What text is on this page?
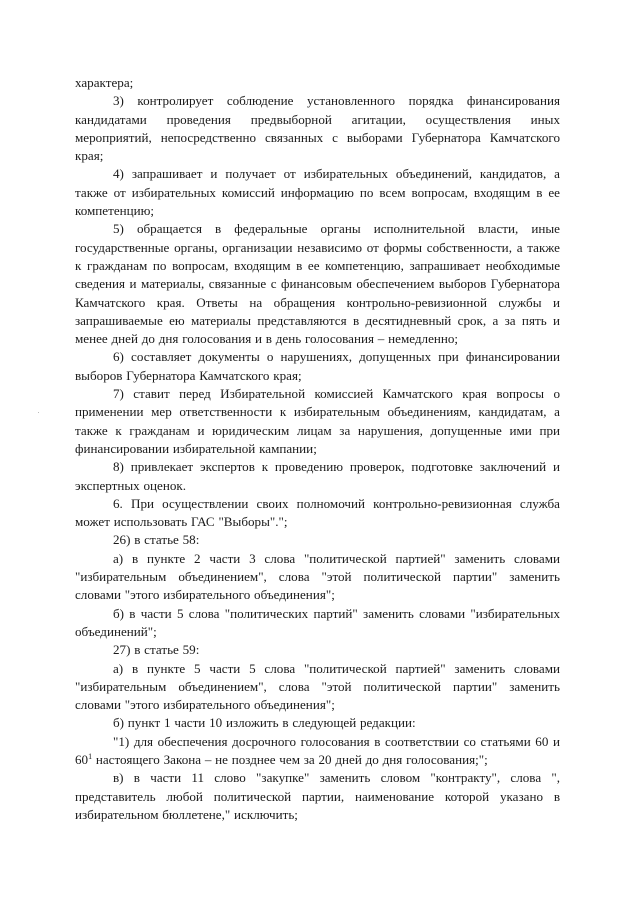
характера;

3) контролирует соблюдение установленного порядка финансирования кандидатами проведения предвыборной агитации, осуществления иных мероприятий, непосредственно связанных с выборами Губернатора Камчатского края;

4) запрашивает и получает от избирательных объединений, кандидатов, а также от избирательных комиссий информацию по всем вопросам, входящим в ее компетенцию;

5) обращается в федеральные органы исполнительной власти, иные государственные органы, организации независимо от формы собственности, а также к гражданам по вопросам, входящим в ее компетенцию, запрашивает необходимые сведения и материалы, связанные с финансовым обеспечением выборов Губернатора Камчатского края. Ответы на обращения контрольно-ревизионной службы и запрашиваемые ею материалы представляются в десятидневный срок, а за пять и менее дней до дня голосования и в день голосования – немедленно;

6) составляет документы о нарушениях, допущенных при финансировании выборов Губернатора Камчатского края;

7) ставит перед Избирательной комиссией Камчатского края вопросы о применении мер ответственности к избирательным объединениям, кандидатам, а также к гражданам и юридическим лицам за нарушения, допущенные ими при финансировании избирательной кампании;

8) привлекает экспертов к проведению проверок, подготовке заключений и экспертных оценок.

6. При осуществлении своих полномочий контрольно-ревизионная служба может использовать ГАС "Выборы".";

26) в статье 58:

а) в пункте 2 части 3 слова "политической партией" заменить словами "избирательным объединением", слова "этой политической партии" заменить словами "этого избирательного объединения";

б) в части 5 слова "политических партий" заменить словами "избирательных объединений";

27) в статье 59:

а) в пункте 5 части 5 слова "политической партией" заменить словами "избирательным объединением", слова "этой политической партии" заменить словами "этого избирательного объединения";

б) пункт 1 части 10 изложить в следующей редакции:

"1) для обеспечения досрочного голосования в соответствии со статьями 60 и $60^1$ настоящего Закона – не позднее чем за 20 дней до дня голосования;";

в) в части 11 слово "закупке" заменить словом "контракту", слова ", представитель любой политической партии, наименование которой указано в избирательном бюллетене," исключить;
